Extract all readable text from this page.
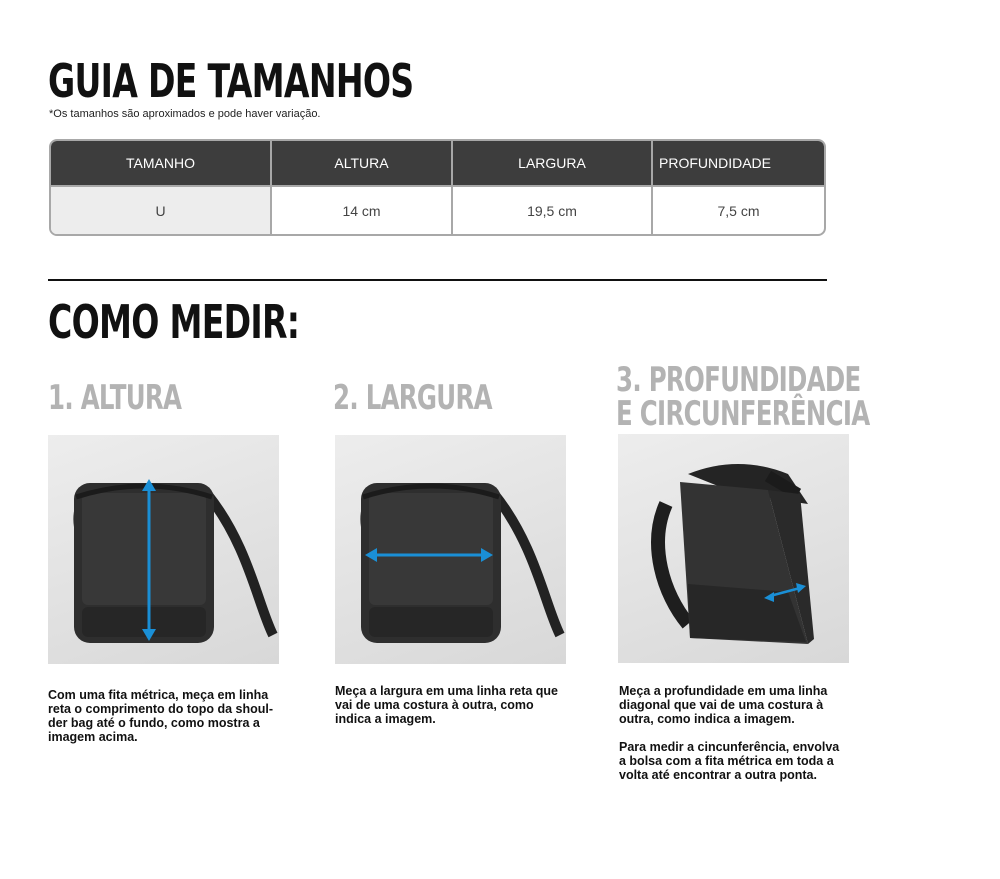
GUIA DE TAMANHOS
*Os tamanhos são aproximados e pode haver variação.
TAMANHO	ALTURA	LARGURA	PROFUNDIDADE
U	14 cm	19,5 cm	7,5 cm
COMO MEDIR:
1. ALTURA

Com uma fita métrica, meça em linha reta o comprimento do topo da shoul-der bag até o fundo, como mostra a imagem acima.

2. LARGURA

Meça a largura em uma linha reta que vai de uma costura à outra, como indica a imagem.

3. PROFUNDIDADE
E CIRCUNFERÊNCIA

Meça a profundidade em uma linha diagonal que vai de uma costura à outra, como indica a imagem.

Para medir a cincunferência, envolva a bolsa com a fita métrica em toda a volta até encontrar a outra ponta.
